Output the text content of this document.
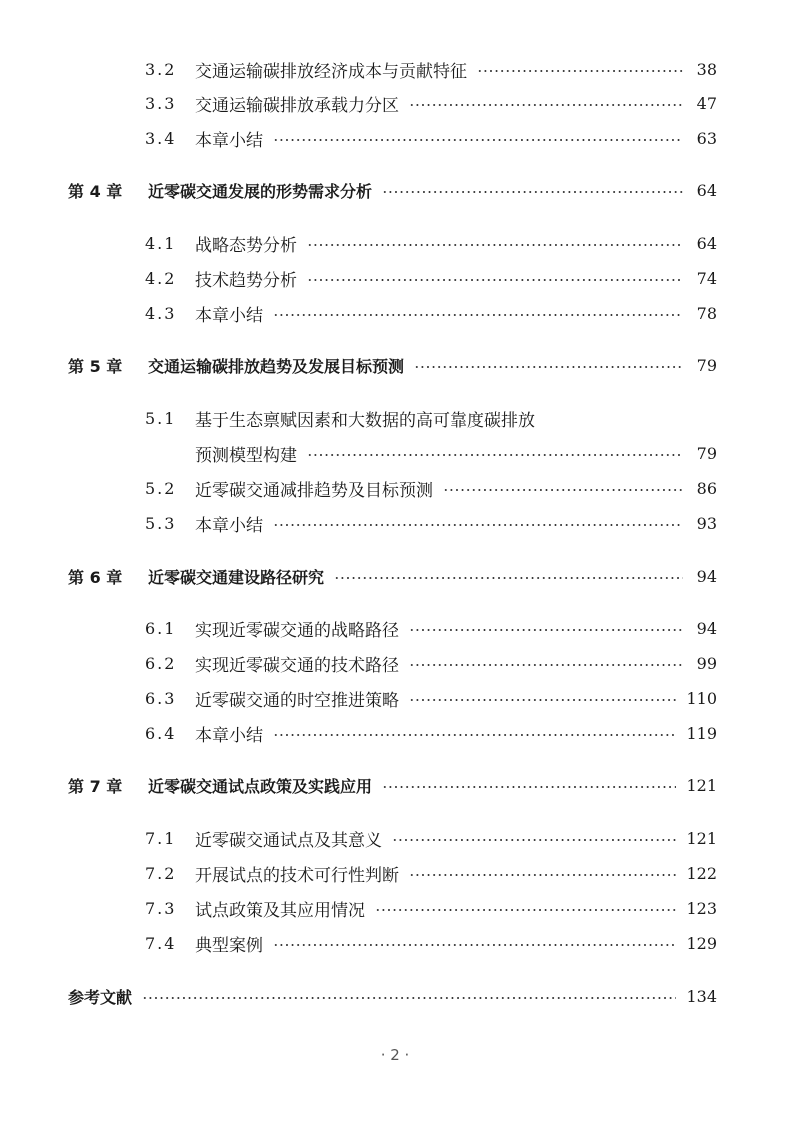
3.2	交通运输碳排放经济成本与贡献特征	38
3.3	交通运输碳排放承载力分区	47
3.4	本章小结	63
第 4 章	近零碳交通发展的形势需求分析	64
4.1	战略态势分析	64
4.2	技术趋势分析	74
4.3	本章小结	78
第 5 章	交通运输碳排放趋势及发展目标预测	79
5.1	基于生态禀赋因素和大数据的高可靠度碳排放
预测模型构建	79
5.2	近零碳交通减排趋势及目标预测	86
5.3	本章小结	93
第 6 章	近零碳交通建设路径研究	94
6.1	实现近零碳交通的战略路径	94
6.2	实现近零碳交通的技术路径	99
6.3	近零碳交通的时空推进策略	110
6.4	本章小结	119
第 7 章	近零碳交通试点政策及实践应用	121
7.1	近零碳交通试点及其意义	121
7.2	开展试点的技术可行性判断	122
7.3	试点政策及其应用情况	123
7.4	典型案例	129
参考文献	134
· 2 ·
